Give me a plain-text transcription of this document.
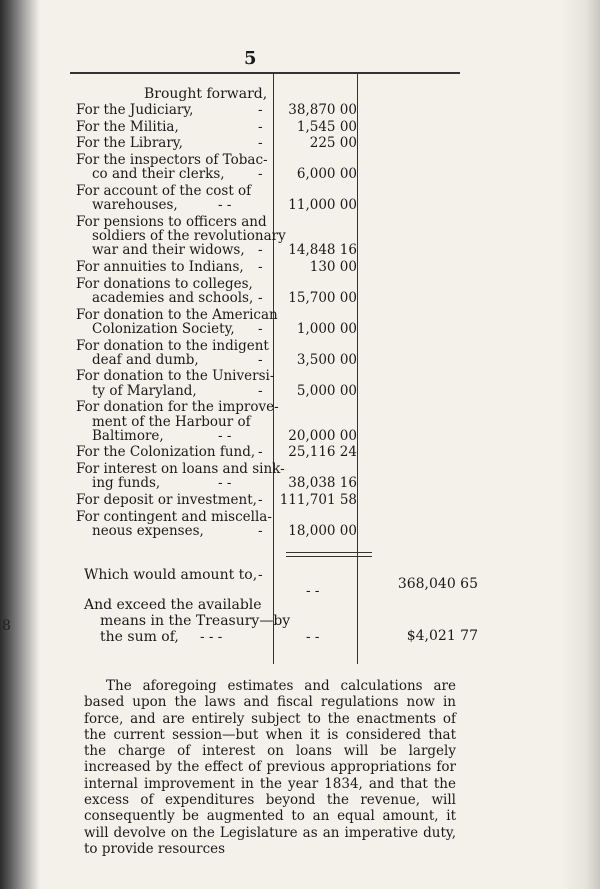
8
5
Brought forward,
For the Judiciary,	- 38,870 00
For the Militia,	-	1,545 00
For the Library,	-	225 00
For the inspectors of Tobac-
co and their clerks, -	6,000 00
For account of the cost of
warehouses,	- -	11,000 00
For pensions to officers and
soldiers of the revolutionary
war and their widows, - 14,848 16
For annuities to Indians, -	130 00
For donations to colleges,
academies and schools, - 15,700 00
For donation to the American
Colonization Society, -	1,000 00
For donation to the indigent
deaf and dumb,	-	3,500 00
For donation to the Universi-
ty of Maryland,	-	5,000 00
For donation for the improve-
ment of the Harbour of
Baltimore,	- -	20,000 00
For the Colonization fund, - 25,116 24
For interest on loans and sink-
ing funds,	- -	38,038 16
For deposit or investment, - 111,701 58
For contingent and miscella-
neous expenses,	- 18,000 00
Which would amount to, -
- -	368,040 65
And exceed the available
means in the Treasury—by
the sum of, - - -	- -	$4,021 77

The aforegoing estimates and calculations are based upon the laws and fiscal regulations now in force, and are entirely subject to the enactments of the current session—but when it is considered that the charge of interest on loans will be largely increased by the effect of previous appropriations for internal improvement in the year 1834, and that the excess of expenditures beyond the revenue, will consequently be augmented to an equal amount, it will devolve on the Legislature as an imperative duty, to provide resources
